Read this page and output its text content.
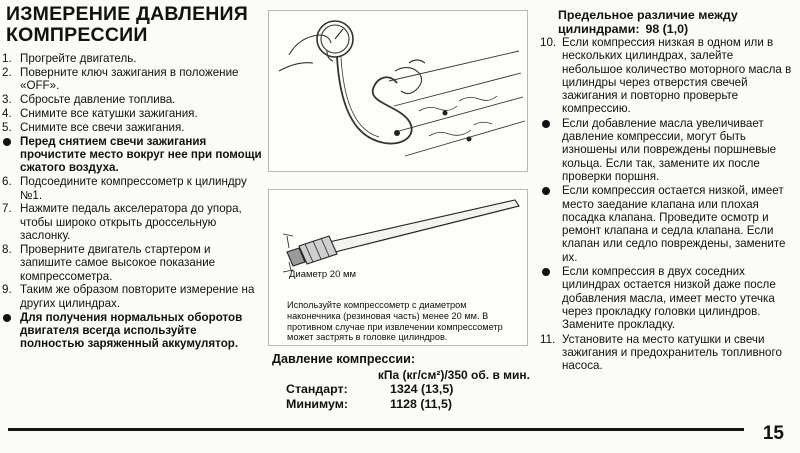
ИЗМЕРЕНИЕ ДАВЛЕНИЯ КОМПРЕССИИ
1. Прогрейте двигатель.
2. Поверните ключ зажигания в положение «OFF».
3. Сбросьте давление топлива.
4. Снимите все катушки зажигания.
5. Снимите все свечи зажигания.
Перед снятием свечи зажигания прочистите место вокруг нее при помощи сжатого воздуха.
6. Подсоедините компрессометр к цилиндру №1.
7. Нажмите педаль акселератора до упора, чтобы широко открыть дроссельную заслонку.
8. Проверните двигатель стартером и запишите самое высокое показание компрессометра.
9. Таким же образом повторите измерение на других цилиндрах.
Для получения нормальных оборотов двигателя всегда используйте полностью заряженный аккумулятор.
Диаметр 20 мм
Используйте компрессометр с диаметром наконечника (резиновая часть) менее 20 мм. В противном случае при извлечении компрессометр может застрять в головке цилиндров.
Давление компрессии:
кПа (кг/см²)/350 об. в мин.
Стандарт:	1324 (13,5)
Минимум:	1128 (11,5)
Предельное различие между
цилиндрами: 98 (1,0)
10. Если компрессия низкая в одном или в нескольких цилиндрах, залейте небольшое количество моторного масла в цилиндры через отверстия свечей зажигания и повторно проверьте компрессию.
Если добавление масла увеличивает давление компрессии, могут быть изношены или повреждены поршневые кольца. Если так, замените их после проверки поршня.
Если компрессия остается низкой, имеет место заедание клапана или плохая посадка клапана. Проведите осмотр и ремонт клапана и седла клапана. Если клапан или седло повреждены, замените их.
Если компрессия в двух соседних цилиндрах остается низкой даже после добавления масла, имеет место утечка через прокладку головки цилиндров. Замените прокладку.
11. Установите на место катушки и свечи зажигания и предохранитель топливного насоса.
15
